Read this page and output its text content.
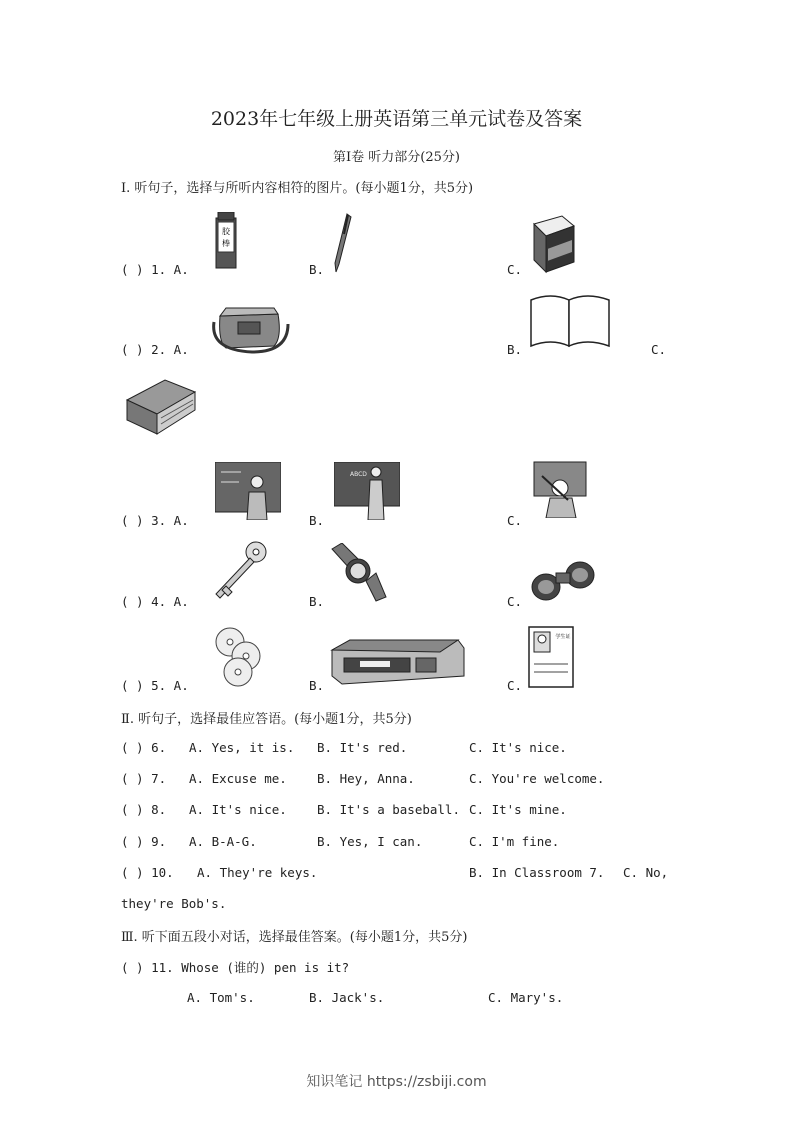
2023年七年级上册英语第三单元试卷及答案
第Ⅰ卷 听力部分(25分)
Ⅰ. 听句子，选择与所听内容相符的图片。(每小题1分，共5分)
( ) 1. A.	B.	C.
胶
棒
( ) 2. A.	B.	C.
( ) 3. A.	B.	C.
ABCD
( ) 4. A.	B.	C.
( ) 5. A.	B.	C.
学生证
Ⅱ. 听句子，选择最佳应答语。(每小题1分，共5分)
( ) 6. A. Yes, it is. B. It's red.	C. It's nice.
( ) 7. A. Excuse me. B. Hey, Anna.	C. You're welcome.
( ) 8. A. It's nice. B. It's a baseball. C. It's mine.
( ) 9. A. B-A-G.	B. Yes, I can.	C. I'm fine.
( ) 10. A. They're keys.	B. In Classroom 7. C. No,
they're Bob's.
Ⅲ. 听下面五段小对话，选择最佳答案。(每小题1分，共5分)
( ) 11. Whose (谁的) pen is it?
A. Tom's.	B. Jack's.	C. Mary's.
知识笔记 https://zsbiji.com
